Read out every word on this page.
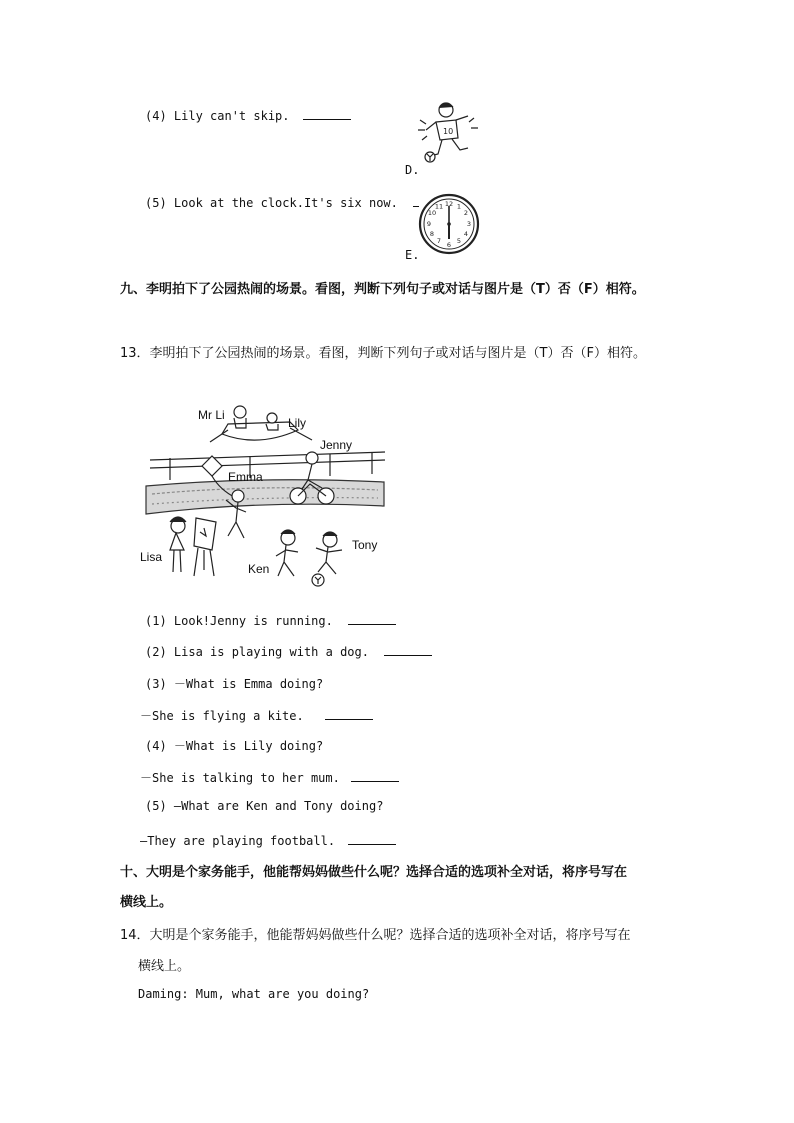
(4) Lily can't skip.
10
D.
(5) Look at the clock.It's six now.	12 1
2
3
4
5
6
7
8
9
10
11
E.
九、李明拍下了公园热闹的场景。看图，判断下列句子或对话与图片是（T）否（F）相符。
13．李明拍下了公园热闹的场景。看图，判断下列句子或对话与图片是（T）否（F）相符。
Mr Li
Lily
Jenny
Emma
Lisa
Ken
Tony
(1) Look!Jenny is running.
(2) Lisa is playing with a dog.
(3) －What is Emma doing?
－She is flying a kite.
(4) －What is Lily doing?
－She is talking to her mum.
(5) —What are Ken and Tony doing?
—They are playing football.
十、大明是个家务能手，他能帮妈妈做些什么呢？选择合适的选项补全对话，将序号写在
横线上。
14．大明是个家务能手，他能帮妈妈做些什么呢？选择合适的选项补全对话，将序号写在
横线上。
Daming: Mum, what are you doing?
